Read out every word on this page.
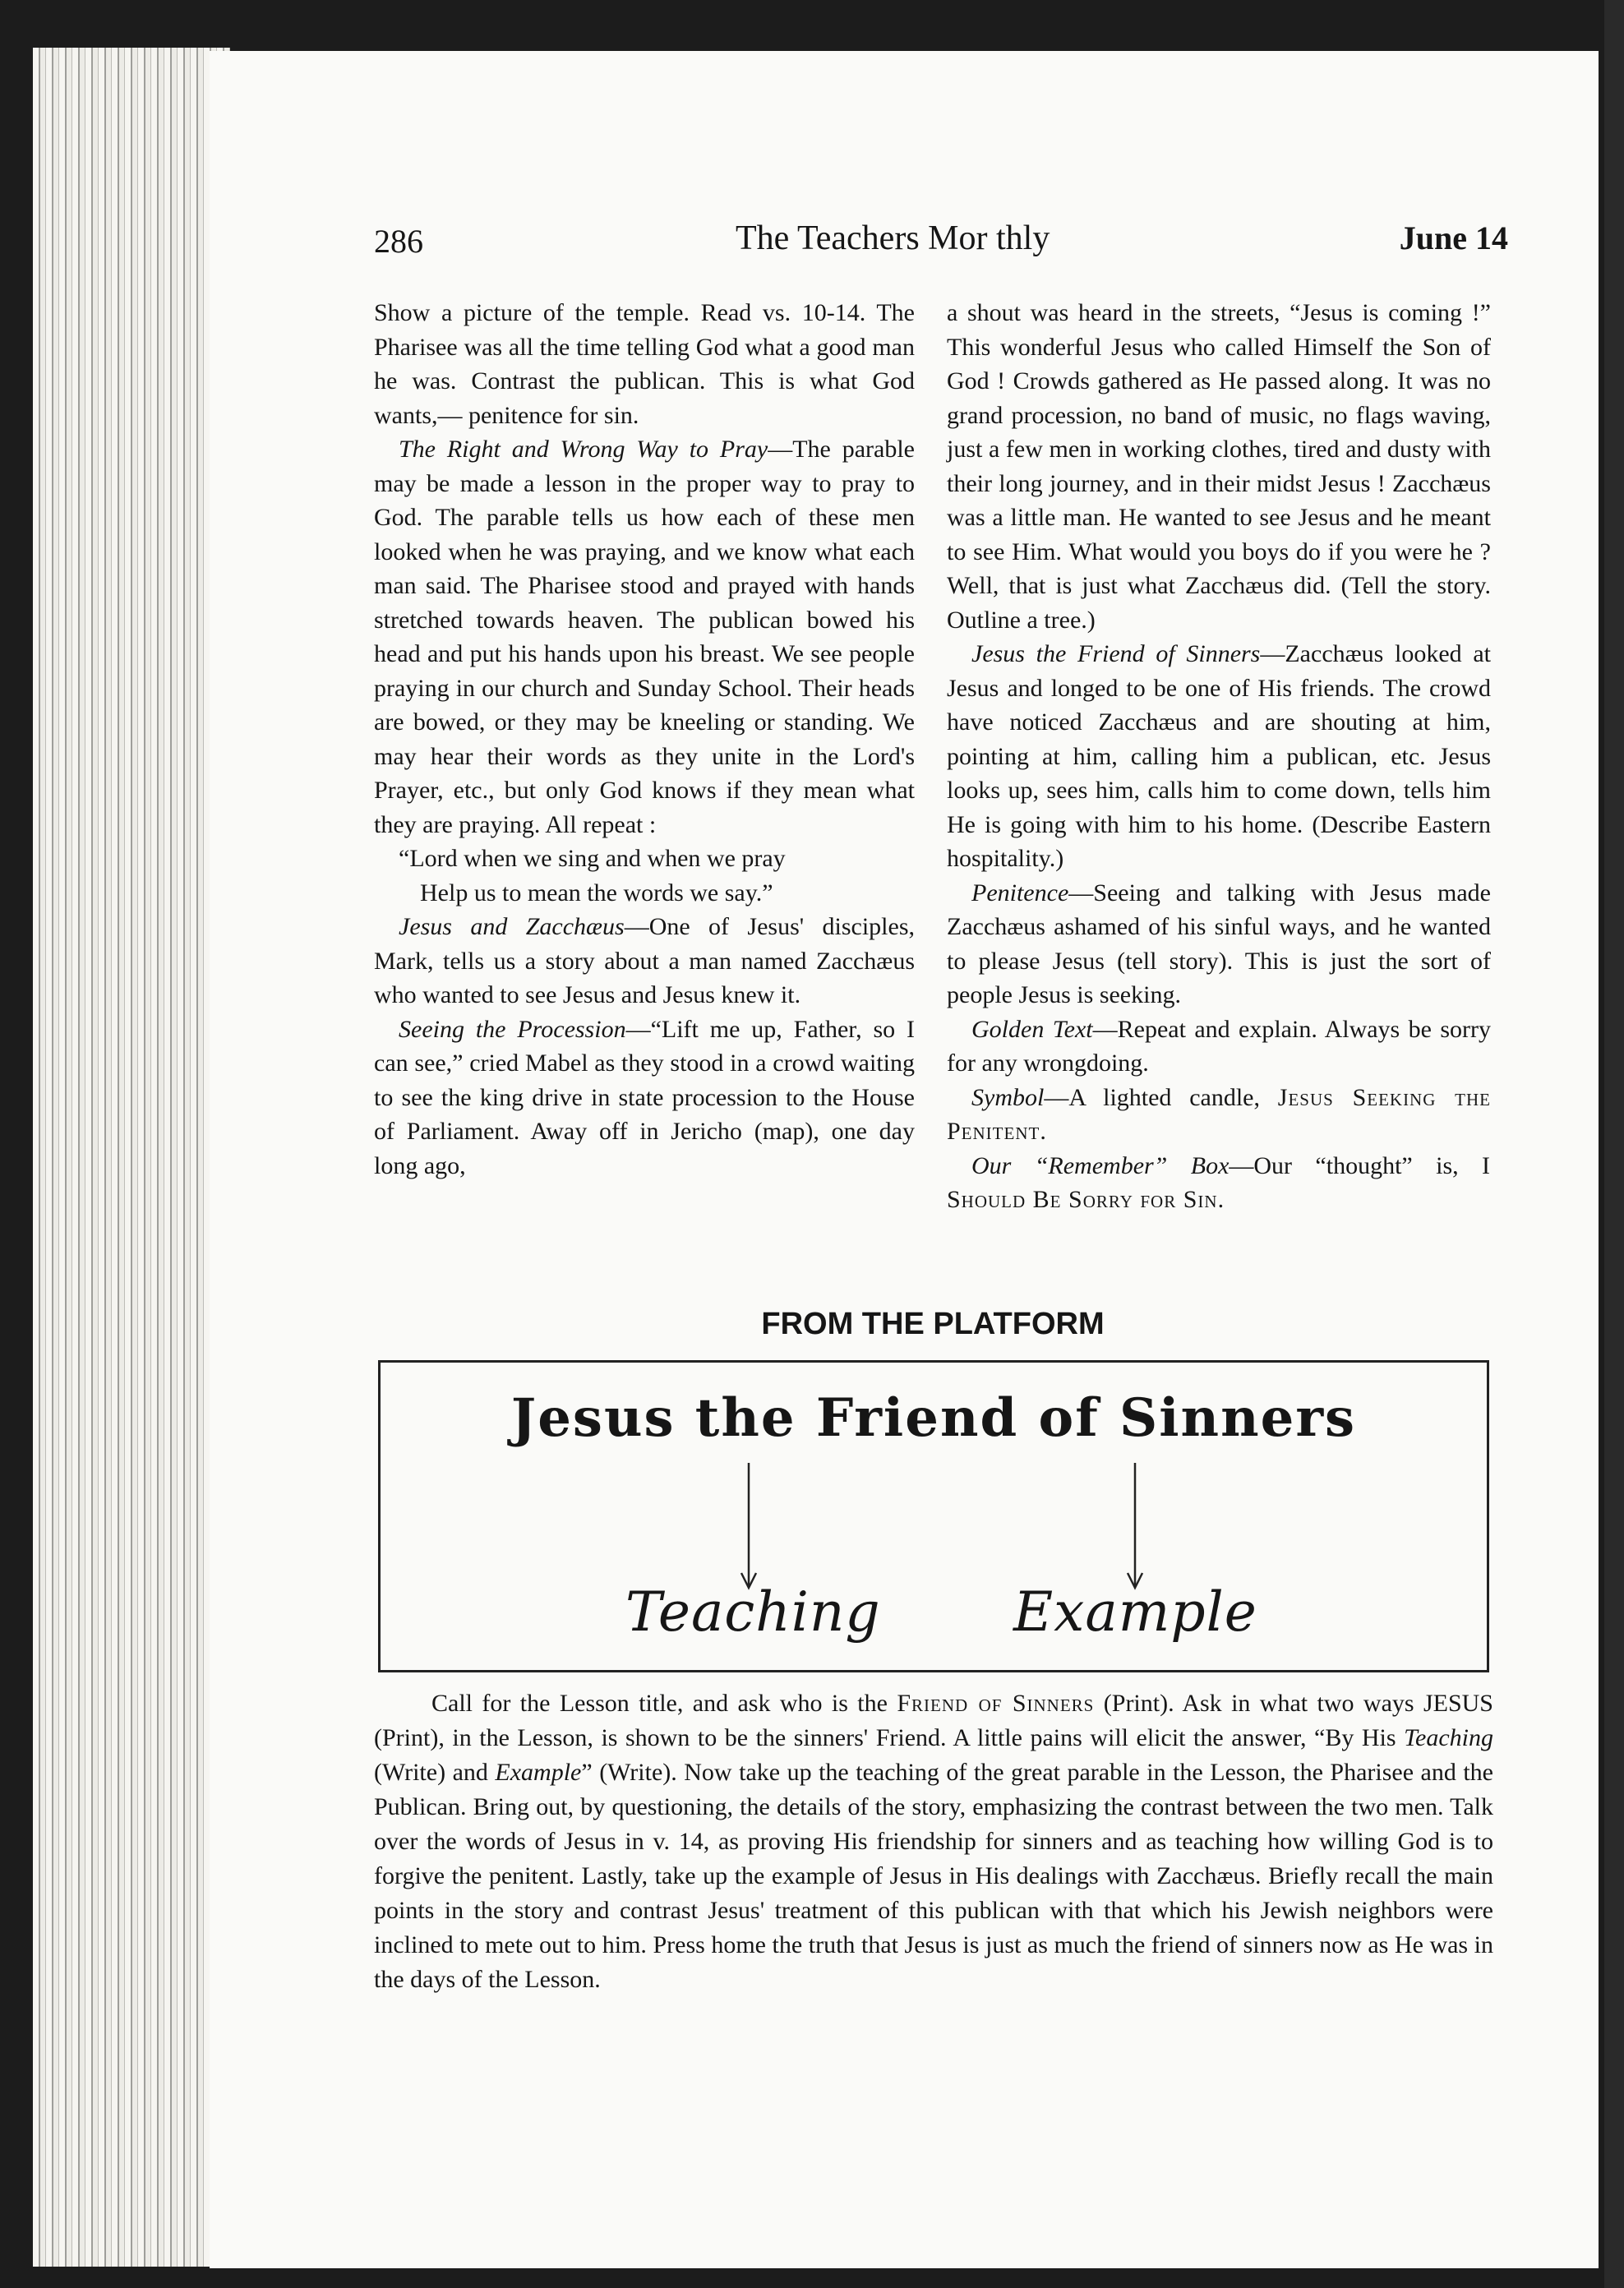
286	The Teachers Mor thly	June 14

Show a picture of the temple. Read vs. 10-14. The Pharisee was all the time telling God what a good man he was. Contrast the publican. This is what God wants,— penitence for sin.

The Right and Wrong Way to Pray—The parable may be made a lesson in the proper way to pray to God. The parable tells us how each of these men looked when he was praying, and we know what each man said. The Pharisee stood and prayed with hands stretched towards heaven. The publican bowed his head and put his hands upon his breast. We see people praying in our church and Sunday School. Their heads are bowed, or they may be kneeling or standing. We may hear their words as they unite in the Lord's Prayer, etc., but only God knows if they mean what they are praying. All repeat :

“Lord when we sing and when we pray
Help us to mean the words we say.”

Jesus and Zacchæus—One of Jesus' disciples, Mark, tells us a story about a man named Zacchæus who wanted to see Jesus and Jesus knew it.

Seeing the Procession—“Lift me up, Father, so I can see,” cried Mabel as they stood in a crowd waiting to see the king drive in state procession to the House of Parliament. Away off in Jericho (map), one day long ago,

a shout was heard in the streets, “Jesus is coming !” This wonderful Jesus who called Himself the Son of God ! Crowds gathered as He passed along. It was no grand procession, no band of music, no flags waving, just a few men in working clothes, tired and dusty with their long journey, and in their midst Jesus ! Zacchæus was a little man. He wanted to see Jesus and he meant to see Him. What would you boys do if you were he ? Well, that is just what Zacchæus did. (Tell the story. Outline a tree.)

Jesus the Friend of Sinners—Zacchæus looked at Jesus and longed to be one of His friends. The crowd have noticed Zacchæus and are shouting at him, pointing at him, calling him a publican, etc. Jesus looks up, sees him, calls him to come down, tells him He is going with him to his home. (Describe Eastern hospitality.)

Penitence—Seeing and talking with Jesus made Zacchæus ashamed of his sinful ways, and he wanted to please Jesus (tell story). This is just the sort of people Jesus is seeking.

Golden Text—Repeat and explain. Always be sorry for any wrongdoing.

Symbol—A lighted candle, Jesus Seeking the Penitent.

Our “Remember” Box—Our “thought” is, I Should Be Sorry for Sin.

FROM THE PLATFORM
Jesus the Friend of Sinners
Teaching Example

Call for the Lesson title, and ask who is the Friend of Sinners (Print). Ask in what two ways JESUS (Print), in the Lesson, is shown to be the sinners' Friend. A little pains will elicit the answer, “By His Teaching (Write) and Example” (Write). Now take up the teaching of the great parable in the Lesson, the Pharisee and the Publican. Bring out, by questioning, the details of the story, emphasizing the contrast between the two men. Talk over the words of Jesus in v. 14, as proving His friendship for sinners and as teaching how willing God is to forgive the penitent. Lastly, take up the example of Jesus in His dealings with Zacchæus. Briefly recall the main points in the story and contrast Jesus' treatment of this publican with that which his Jewish neighbors were inclined to mete out to him. Press home the truth that Jesus is just as much the friend of sinners now as He was in the days of the Lesson.
